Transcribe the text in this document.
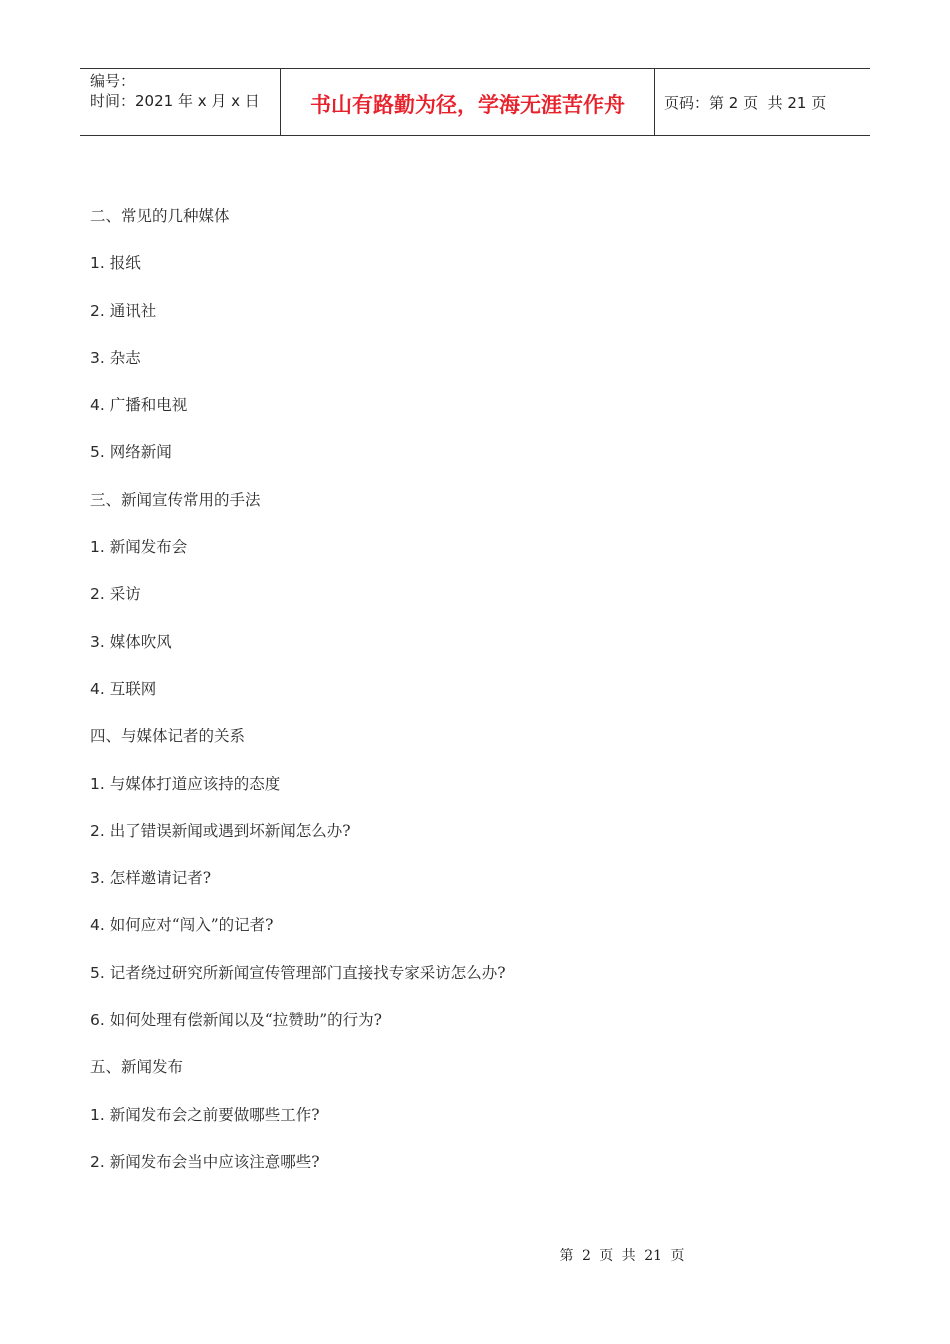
编号：
时间：2021 年 x 月 x 日	书山有路勤为径，学海无涯苦作舟	页码：第 2 页  共 21 页
二、常见的几种媒体
1. 报纸
2. 通讯社
3. 杂志
4. 广播和电视
5. 网络新闻
三、新闻宣传常用的手法
1. 新闻发布会
2. 采访
3. 媒体吹风
4. 互联网
四、与媒体记者的关系
1. 与媒体打道应该持的态度
2. 出了错误新闻或遇到坏新闻怎么办?
3. 怎样邀请记者?
4. 如何应对“闯入”的记者?
5. 记者绕过研究所新闻宣传管理部门直接找专家采访怎么办?
6. 如何处理有偿新闻以及“拉赞助”的行为?
五、新闻发布
1. 新闻发布会之前要做哪些工作?
2. 新闻发布会当中应该注意哪些?
第 2 页 共 21 页
